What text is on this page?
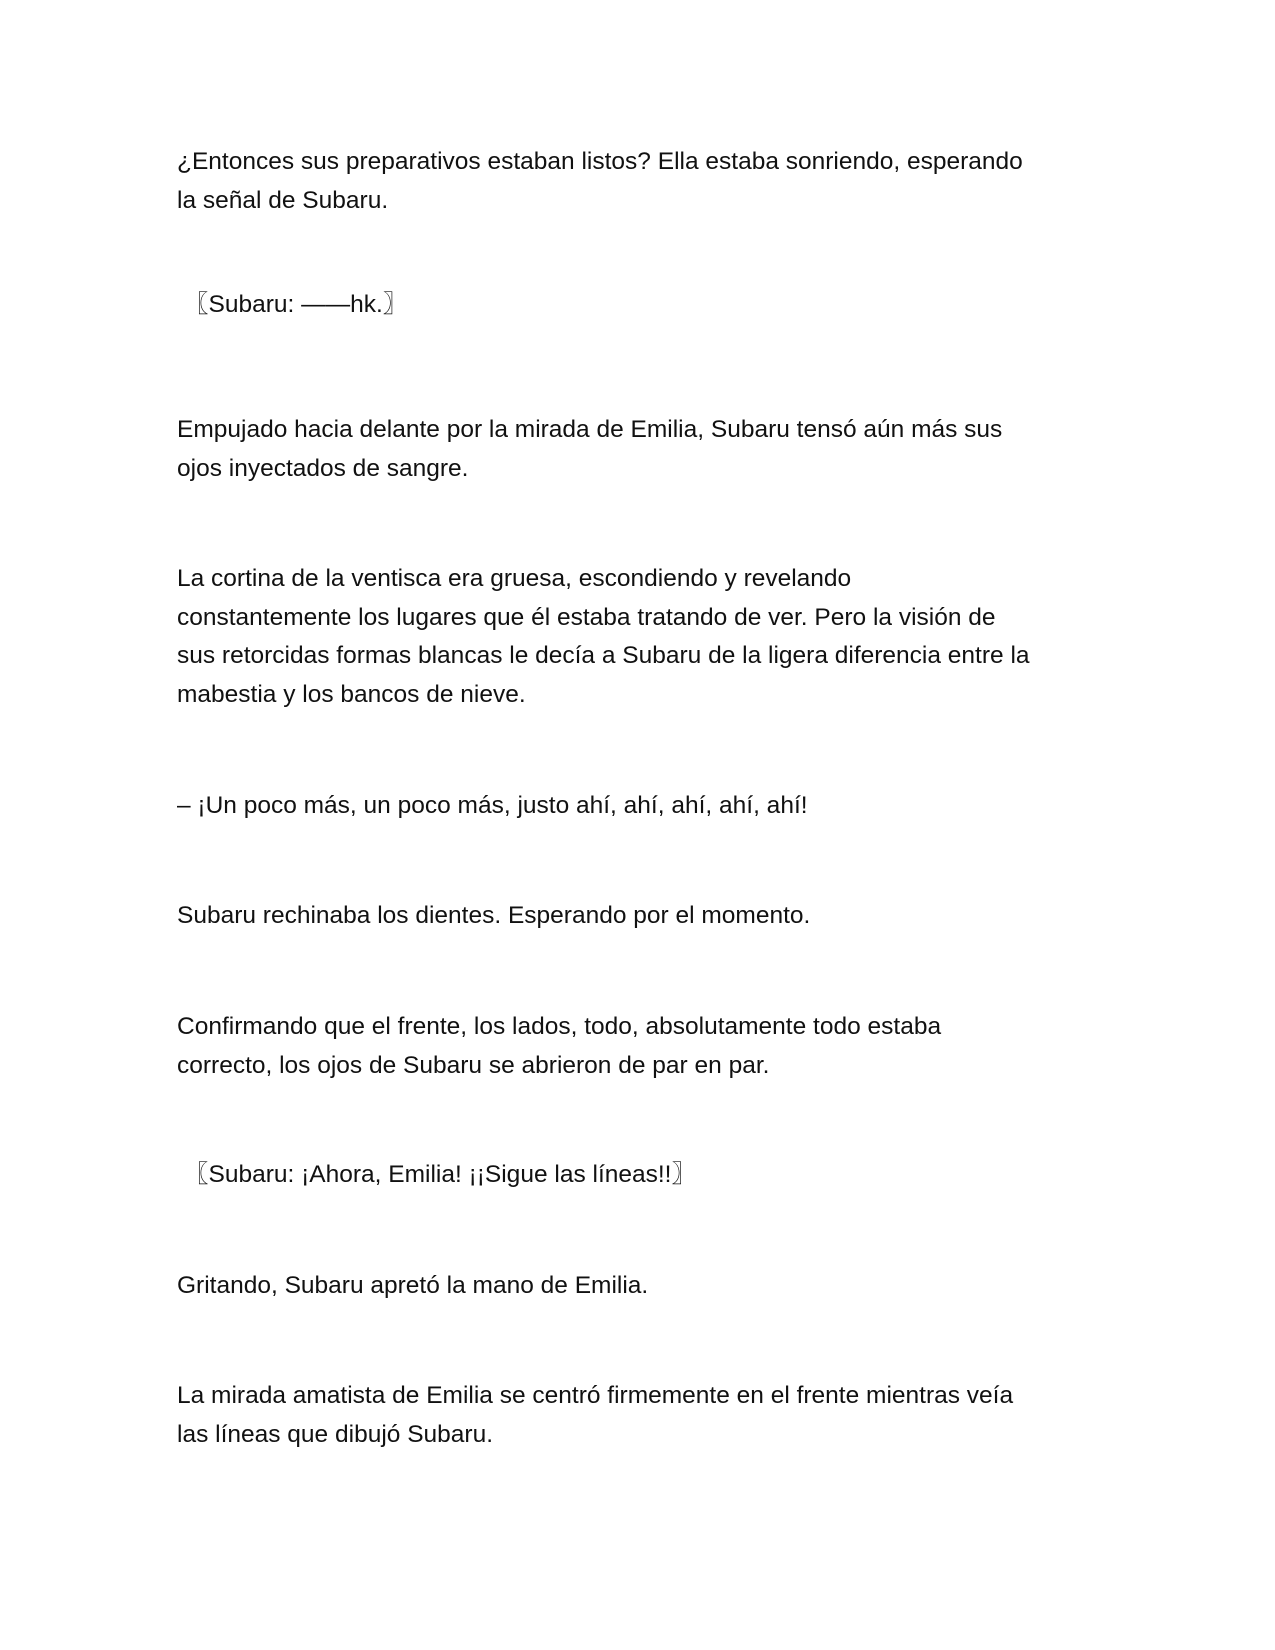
¿Entonces sus preparativos estaban listos? Ella estaba sonriendo, esperando
la señal de Subaru.

〖Subaru: ——hk.〗

Empujado hacia delante por la mirada de Emilia, Subaru tensó aún más sus
ojos inyectados de sangre.

La cortina de la ventisca era gruesa, escondiendo y revelando
constantemente los lugares que él estaba tratando de ver. Pero la visión de
sus retorcidas formas blancas le decía a Subaru de la ligera diferencia entre la
mabestia y los bancos de nieve.

– ¡Un poco más, un poco más, justo ahí, ahí, ahí, ahí, ahí!

Subaru rechinaba los dientes. Esperando por el momento.

Confirmando que el frente, los lados, todo, absolutamente todo estaba
correcto, los ojos de Subaru se abrieron de par en par.

〖Subaru: ¡Ahora, Emilia! ¡¡Sigue las líneas!!〗

Gritando, Subaru apretó la mano de Emilia.

La mirada amatista de Emilia se centró firmemente en el frente mientras veía
las líneas que dibujó Subaru.
